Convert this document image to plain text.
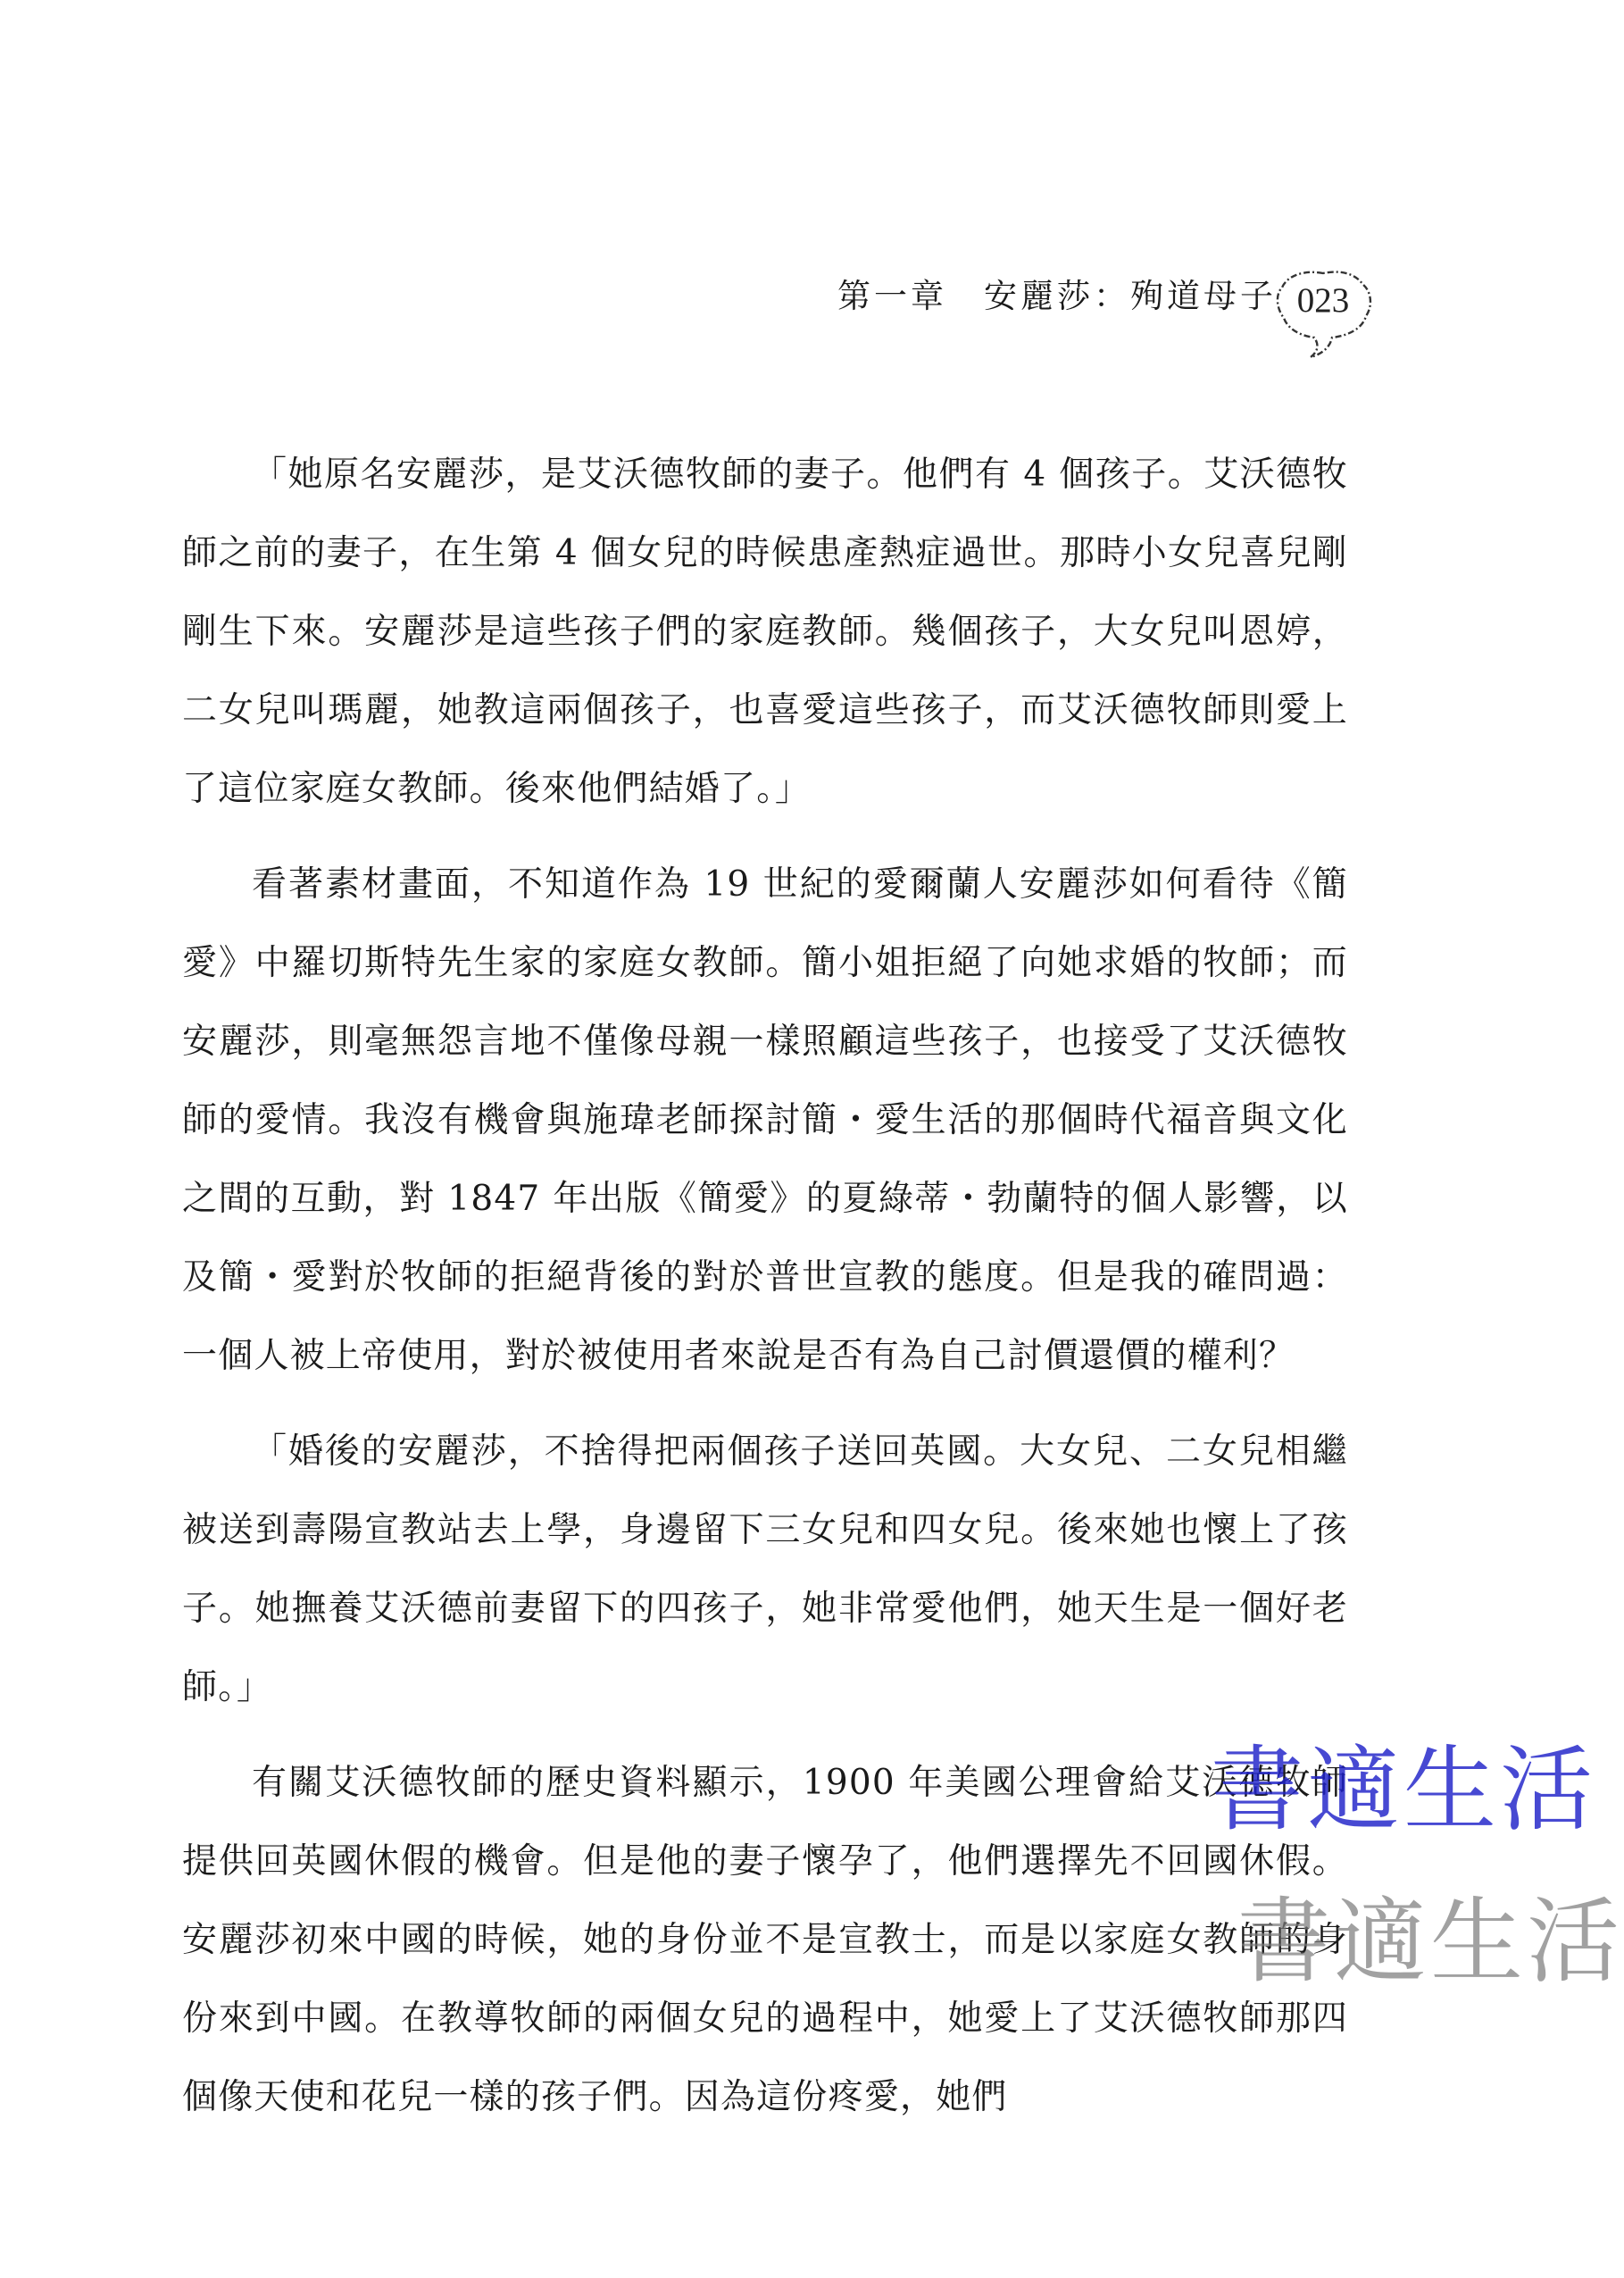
第一章　安麗莎：殉道母子 023

「她原名安麗莎，是艾沃德牧師的妻子。他們有 4 個孩子。艾沃德牧師之前的妻子，在生第 4 個女兒的時候患產熱症過世。那時小女兒喜兒剛剛生下來。安麗莎是這些孩子們的家庭教師。幾個孩子，大女兒叫恩婷，二女兒叫瑪麗，她教這兩個孩子，也喜愛這些孩子，而艾沃德牧師則愛上了這位家庭女教師。後來他們結婚了。」

看著素材畫面，不知道作為 19 世紀的愛爾蘭人安麗莎如何看待《簡愛》中羅切斯特先生家的家庭女教師。簡小姐拒絕了向她求婚的牧師；而安麗莎，則毫無怨言地不僅像母親一樣照顧這些孩子，也接受了艾沃德牧師的愛情。我沒有機會與施瑋老師探討簡・愛生活的那個時代福音與文化之間的互動，對 1847 年出版《簡愛》的夏綠蒂・勃蘭特的個人影響，以及簡・愛對於牧師的拒絕背後的對於普世宣教的態度。但是我的確問過：一個人被上帝使用，對於被使用者來說是否有為自己討價還價的權利？

「婚後的安麗莎，不捨得把兩個孩子送回英國。大女兒、二女兒相繼被送到壽陽宣教站去上學，身邊留下三女兒和四女兒。後來她也懷上了孩子。她撫養艾沃德前妻留下的四孩子，她非常愛他們，她天生是一個好老師。」

有關艾沃德牧師的歷史資料顯示，1900 年美國公理會給艾沃德牧師提供回英國休假的機會。但是他的妻子懷孕了，他們選擇先不回國休假。安麗莎初來中國的時候，她的身份並不是宣教士，而是以家庭女教師的身份來到中國。在教導牧師的兩個女兒的過程中，她愛上了艾沃德牧師那四個像天使和花兒一樣的孩子們。因為這份疼愛，她們

書適生活
書適生活
